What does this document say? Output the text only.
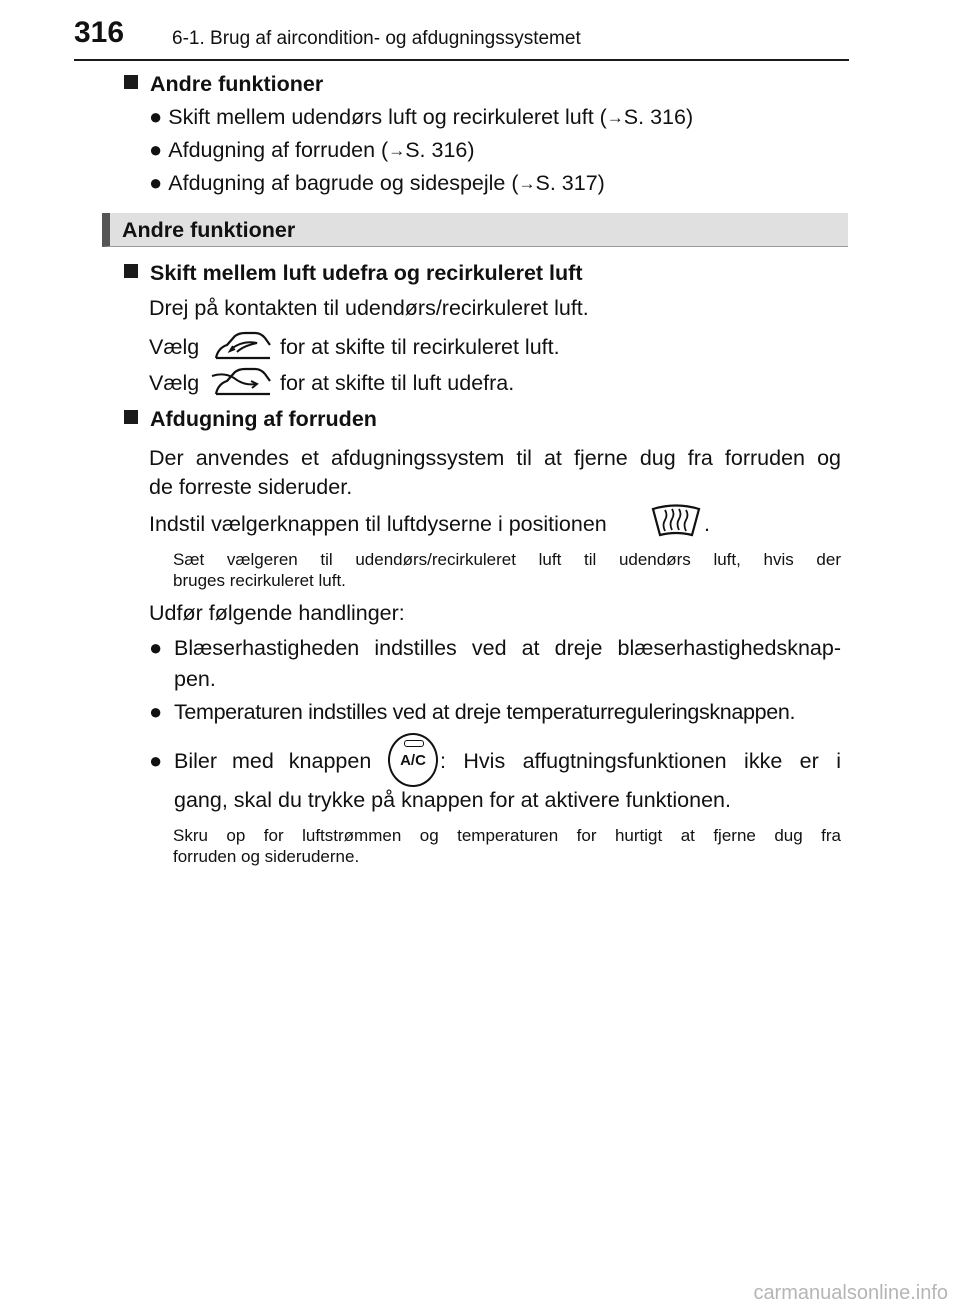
316	6-1. Brug af aircondition- og afdugningssystemet
Andre funktioner
● Skift mellem udendørs luft og recirkuleret luft (→S. 316)
● Afdugning af forruden (→S. 316)
● Afdugning af bagrude og sidespejle (→S. 317)
Andre funktioner
Skift mellem luft udefra og recirkuleret luft
Drej på kontakten til udendørs/recirkuleret luft.
Vælg	for at skifte til recirkuleret luft.
Vælg	for at skifte til luft udefra.
Afdugning af forruden
Der anvendes et afdugningssystem til at fjerne dug fra forruden og
de forreste sideruder.
Indstil vælgerknappen til luftdyserne i positionen	.
Sæt vælgeren til udendørs/recirkuleret luft til udendørs luft, hvis der
bruges recirkuleret luft.
Udfør følgende handlinger:
● Blæserhastigheden indstilles ved at dreje blæserhastighedsknap-
pen.
● Temperaturen indstilles ved at dreje temperaturreguleringsknappen.
● Biler med knappen	A/C : Hvis affugtningsfunktionen ikke er i
gang, skal du trykke på knappen for at aktivere funktionen.
Skru op for luftstrømmen og temperaturen for hurtigt at fjerne dug fra
forruden og sideruderne.
carmanualsonline.info
